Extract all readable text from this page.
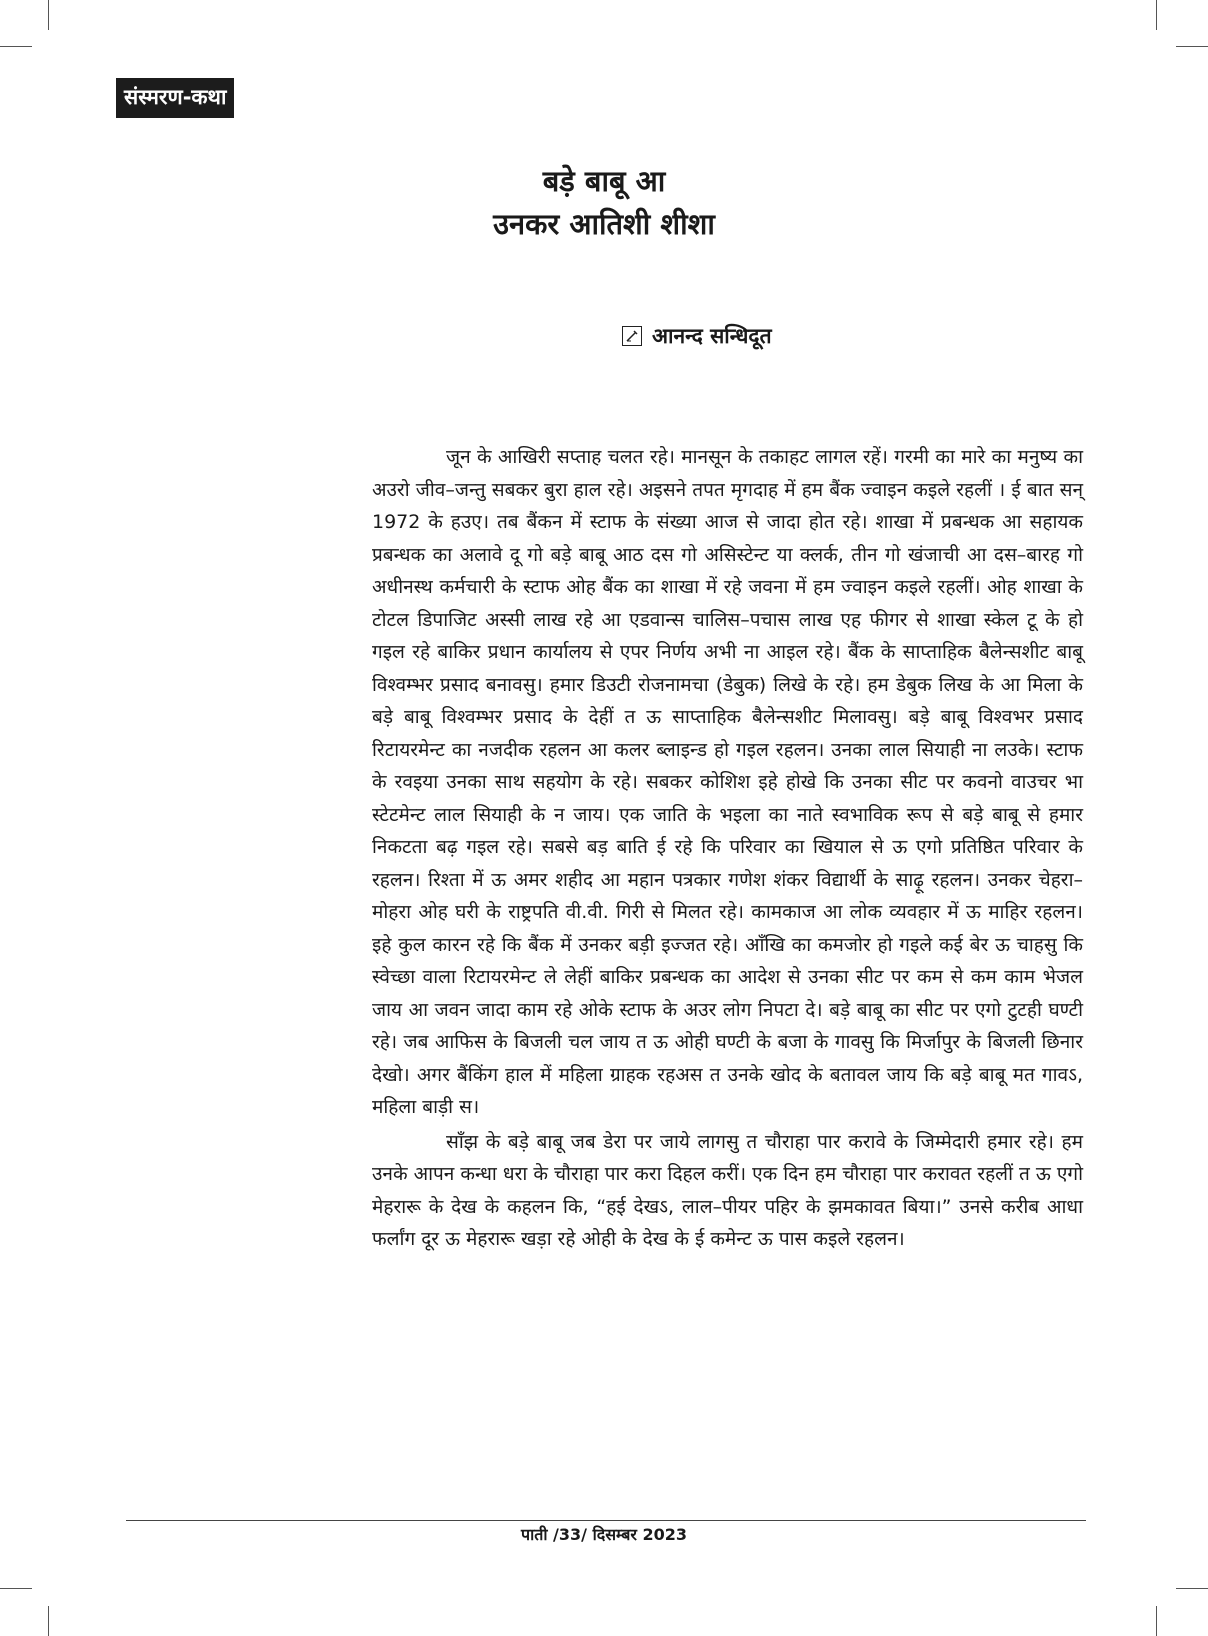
संस्मरण-कथा
बड़े बाबू आ
उनकर आतिशी शीशा
आनन्द सन्धिदूत

जून के आखिरी सप्ताह चलत रहे। मानसून के तकाहट लागल रहें। गरमी का मारे का मनुष्य का अउरो जीव–जन्तु सबकर बुरा हाल रहे। अइसने तपत मृगदाह में हम बैंक ज्वाइन कइले रहलीं । ई बात सन् 1972 के हउए। तब बैंकन में स्टाफ के संख्या आज से जादा होत रहे। शाखा में प्रबन्धक आ सहायक प्रबन्धक का अलावे दू गो बड़े बाबू आठ दस गो असिस्टेन्ट या क्लर्क, तीन गो खंजाची आ दस–बारह गो अधीनस्थ कर्मचारी के स्टाफ ओह बैंक का शाखा में रहे जवना में हम ज्वाइन कइले रहलीं। ओह शाखा के टोटल डिपाजिट अस्सी लाख रहे आ एडवान्स चालिस–पचास लाख एह फीगर से शाखा स्केल टू के हो गइल रहे बाकिर प्रधान कार्यालय से एपर निर्णय अभी ना आइल रहे। बैंक के साप्ताहिक बैलेन्सशीट बाबू विश्वम्भर प्रसाद बनावसु। हमार डिउटी रोजनामचा (डेबुक) लिखे के रहे। हम डेबुक लिख के आ मिला के बड़े बाबू विश्वम्भर प्रसाद के देहीं त ऊ साप्ताहिक बैलेन्सशीट मिलावसु। बड़े बाबू विश्वभर प्रसाद रिटायरमेन्ट का नजदीक रहलन आ कलर ब्लाइन्ड हो गइल रहलन। उनका लाल सियाही ना लउके। स्टाफ के रवइया उनका साथ सहयोग के रहे। सबकर कोशिश इहे होखे कि उनका सीट पर कवनो वाउचर भा स्टेटमेन्ट लाल सियाही के न जाय। एक जाति के भइला का नाते स्वभाविक रूप से बड़े बाबू से हमार निकटता बढ़ गइल रहे। सबसे बड़ बाति ई रहे कि परिवार का खियाल से ऊ एगो प्रतिष्ठित परिवार के रहलन। रिश्ता में ऊ अमर शहीद आ महान पत्रकार गणेश शंकर विद्यार्थी के साढ़ू रहलन। उनकर चेहरा–मोहरा ओह घरी के राष्ट्रपति वी.वी. गिरी से मिलत रहे। कामकाज आ लोक व्यवहार में ऊ माहिर रहलन। इहे कुल कारन रहे कि बैंक में उनकर बड़ी इज्जत रहे। आँखि का कमजोर हो गइले कई बेर ऊ चाहसु कि स्वेच्छा वाला रिटायरमेन्ट ले लेहीं बाकिर प्रबन्धक का आदेश से उनका सीट पर कम से कम काम भेजल जाय आ जवन जादा काम रहे ओके स्टाफ के अउर लोग निपटा दे। बड़े बाबू का सीट पर एगो टुटही घण्टी रहे। जब आफिस के बिजली चल जाय त ऊ ओही घण्टी के बजा के गावसु कि मिर्जापुर के बिजली छिनार देखो। अगर बैंकिंग हाल में महिला ग्राहक रहअस त उनके खोद के बतावल जाय कि बड़े बाबू मत गावऽ, महिला बाड़ी स।

साँझ के बड़े बाबू जब डेरा पर जाये लागसु त चौराहा पार करावे के जिम्मेदारी हमार रहे। हम उनके आपन कन्धा धरा के चौराहा पार करा दिहल करीं। एक दिन हम चौराहा पार करावत रहलीं त ऊ एगो मेहरारू के देख के कहलन कि, “हई देखऽ, लाल–पीयर पहिर के झमकावत बिया।” उनसे करीब आधा फर्लांग दूर ऊ मेहरारू खड़ा रहे ओही के देख के ई कमेन्ट ऊ पास कइले रहलन।

पाती /33/ दिसम्बर 2023
